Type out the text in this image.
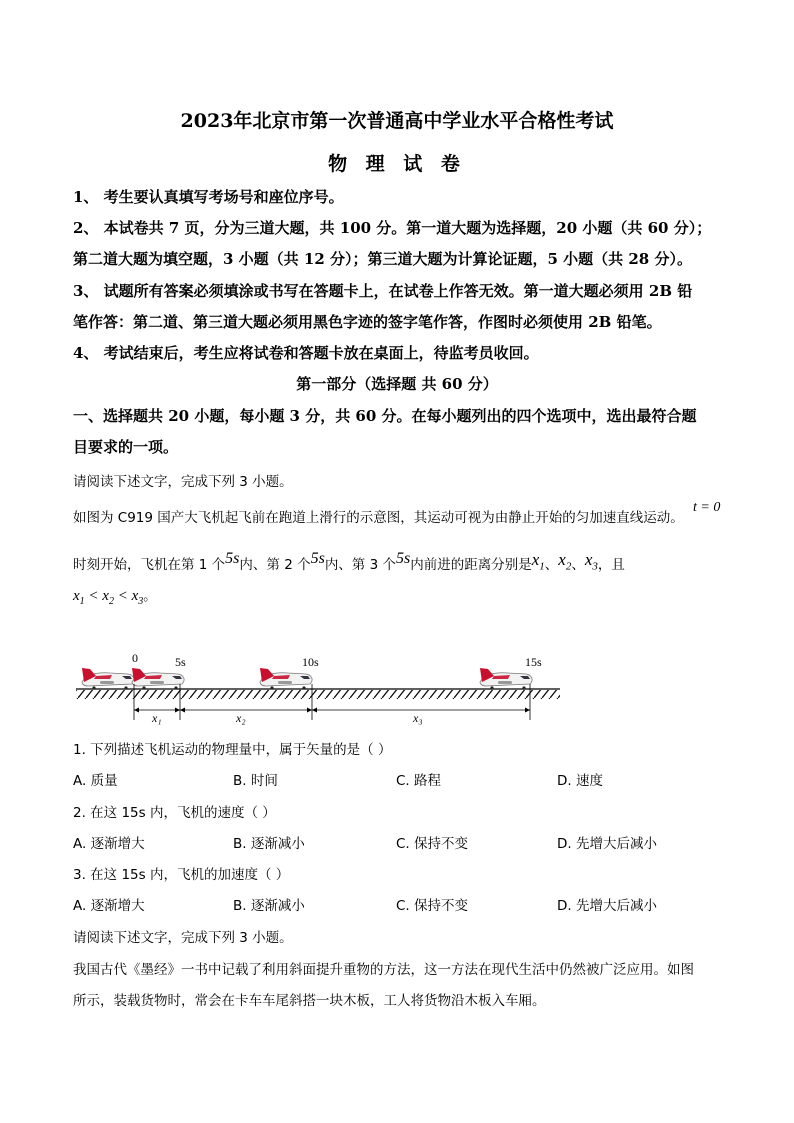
2023年北京市第一次普通高中学业水平合格性考试
物 理 试 卷
1、 考生要认真填写考场号和座位序号。
2、 本试卷共 7 页，分为三道大题，共 100 分。第一道大题为选择题，20 小题（共 60 分）；
第二道大题为填空题，3 小题（共 12 分）；第三道大题为计算论证题，5 小题（共 28 分）。
3、 试题所有答案必须填涂或书写在答题卡上，在试卷上作答无效。第一道大题必须用 2B 铅
笔作答：第二道、第三道大题必须用黑色字迹的签字笔作答，作图时必须使用 2B 铅笔。
4、 考试结束后，考生应将试卷和答题卡放在桌面上，待监考员收回。
第一部分（选择题 共 60 分）
一、选择题共 20 小题，每小题 3 分，共 60 分。在每小题列出的四个选项中，选出最符合题
目要求的一项。
请阅读下述文字，完成下列 3 小题。
如图为 C919 国产大飞机起飞前在跑道上滑行的示意图，其运动可视为由静止开始的匀加速直线运动。
t = 0
时刻开始，飞机在第 1 个5s内、第 2 个5s内、第 3 个5s内前进的距离分别是$x_1$、$x_2$、$x_3$，且
$x_1 < x_2 < x_3$。
0	5s	10s	15s
x₁	x₂	x₃
1. 下列描述飞机运动的物理量中，属于矢量的是（ ）
A. 质量	B. 时间	C. 路程	D. 速度
2. 在这 15s 内，飞机的速度（ ）
A. 逐渐增大	B. 逐渐减小	C. 保持不变	D. 先增大后减小
3. 在这 15s 内，飞机的加速度（ ）
A. 逐渐增大	B. 逐渐减小	C. 保持不变	D. 先增大后减小
请阅读下述文字，完成下列 3 小题。
我国古代《墨经》一书中记载了利用斜面提升重物的方法，这一方法在现代生活中仍然被广泛应用。如图
所示，装载货物时，常会在卡车车尾斜搭一块木板，工人将货物沿木板入车厢。
